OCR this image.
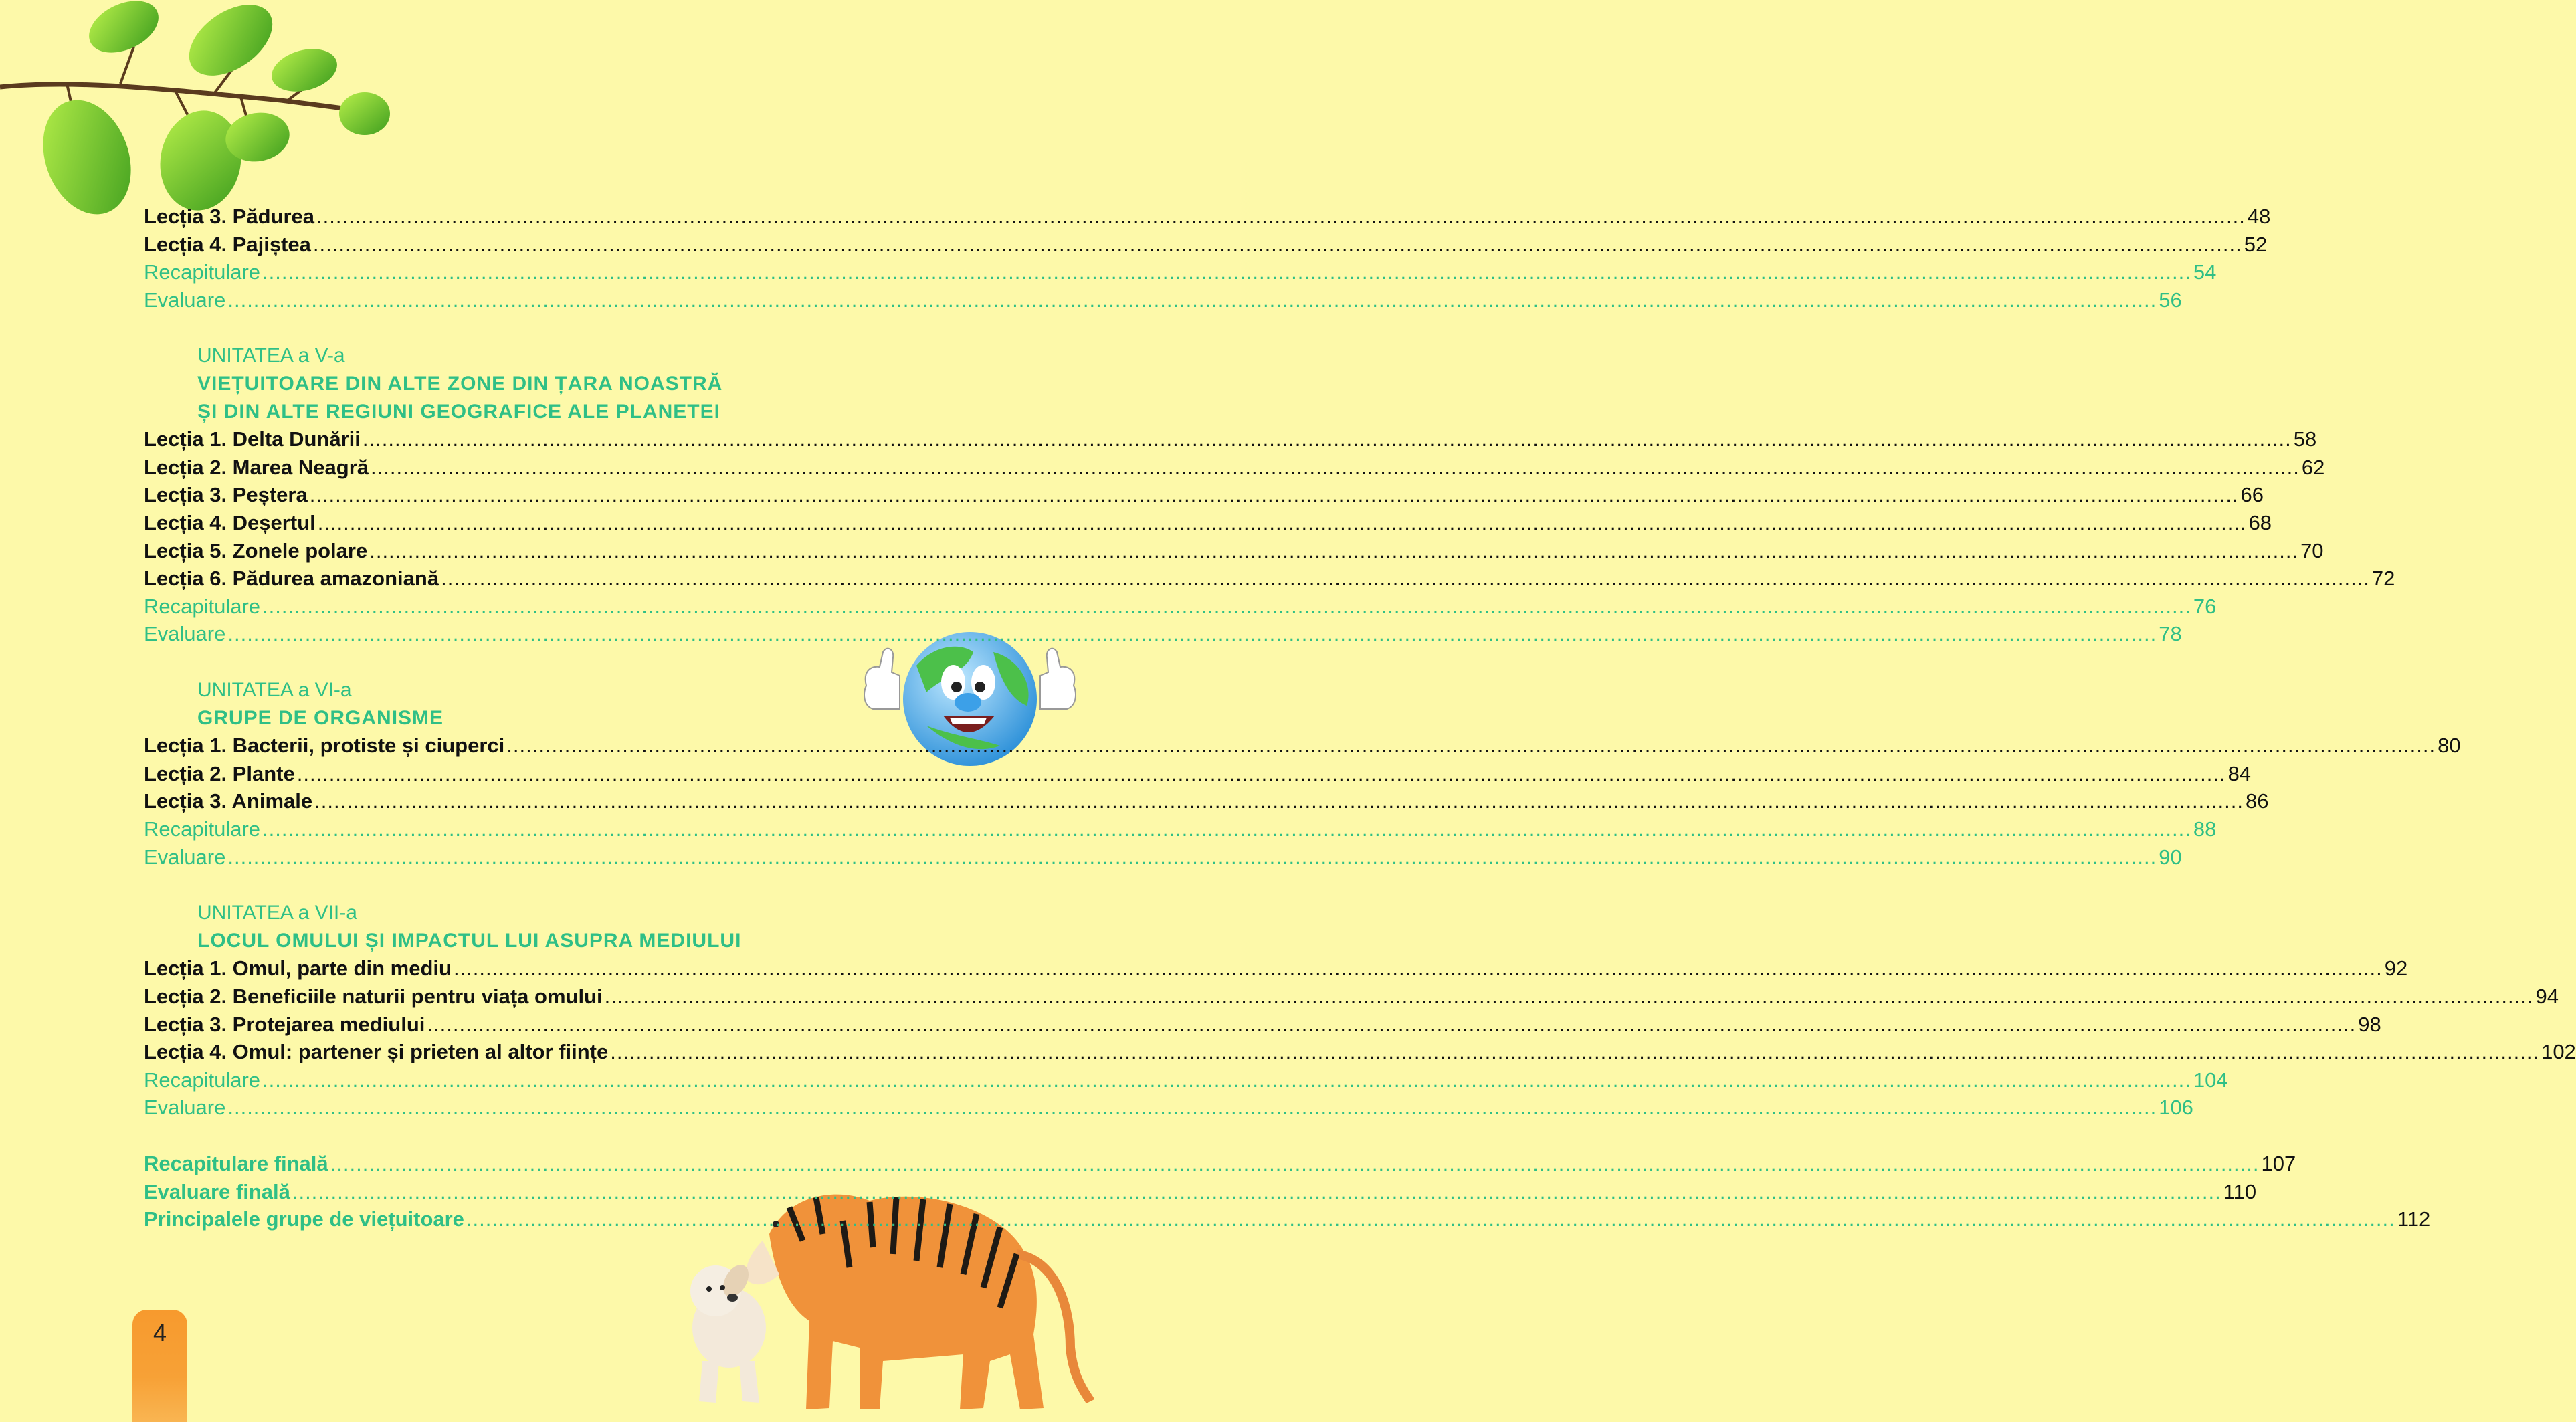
Lecția 3. Pădurea ............................................................................................................................................................................................................................................................................................................ 48
Lecția 4. Pajiștea ............................................................................................................................................................................................................................................................................................................ 52
Recapitulare ............................................................................................................................................................................................................................................................................................................ 54
Evaluare ............................................................................................................................................................................................................................................................................................................ 56
UNITATEA a V-a
VIEȚUITOARE DIN ALTE ZONE DIN ȚARA NOASTRĂ
ȘI DIN ALTE REGIUNI GEOGRAFICE ALE PLANETEI
Lecția 1. Delta Dunării ............................................................................................................................................................................................................................................................................................................ 58
Lecția 2. Marea Neagră ............................................................................................................................................................................................................................................................................................................ 62
Lecția 3. Peștera ............................................................................................................................................................................................................................................................................................................ 66
Lecția 4. Deșertul ............................................................................................................................................................................................................................................................................................................ 68
Lecția 5. Zonele polare ............................................................................................................................................................................................................................................................................................................ 70
Lecția 6. Pădurea amazoniană ............................................................................................................................................................................................................................................................................................................ 72
Recapitulare ............................................................................................................................................................................................................................................................................................................ 76
Evaluare ............................................................................................................................................................................................................................................................................................................ 78
UNITATEA a VI-a
GRUPE DE ORGANISME
Lecția 1. Bacterii, protiste și ciuperci ............................................................................................................................................................................................................................................................................................................ 80
Lecția 2. Plante ............................................................................................................................................................................................................................................................................................................ 84
Lecția 3. Animale ............................................................................................................................................................................................................................................................................................................ 86
Recapitulare ............................................................................................................................................................................................................................................................................................................ 88
Evaluare ............................................................................................................................................................................................................................................................................................................ 90
UNITATEA a VII-a
LOCUL OMULUI ȘI IMPACTUL LUI ASUPRA MEDIULUI
Lecția 1. Omul, parte din mediu ............................................................................................................................................................................................................................................................................................................ 92
Lecția 2. Beneficiile naturii pentru viața omului ............................................................................................................................................................................................................................................................................................................ 94
Lecția 3. Protejarea mediului ............................................................................................................................................................................................................................................................................................................ 98
Lecția 4. Omul: partener și prieten al altor ființe ............................................................................................................................................................................................................................................................................................................ 102
Recapitulare ............................................................................................................................................................................................................................................................................................................ 104
Evaluare ............................................................................................................................................................................................................................................................................................................ 106
Recapitulare finală ............................................................................................................................................................................................................................................................................................................ 107
Evaluare finală ............................................................................................................................................................................................................................................................................................................ 110
Principalele grupe de viețuitoare ............................................................................................................................................................................................................................................................................................................ 112
4
